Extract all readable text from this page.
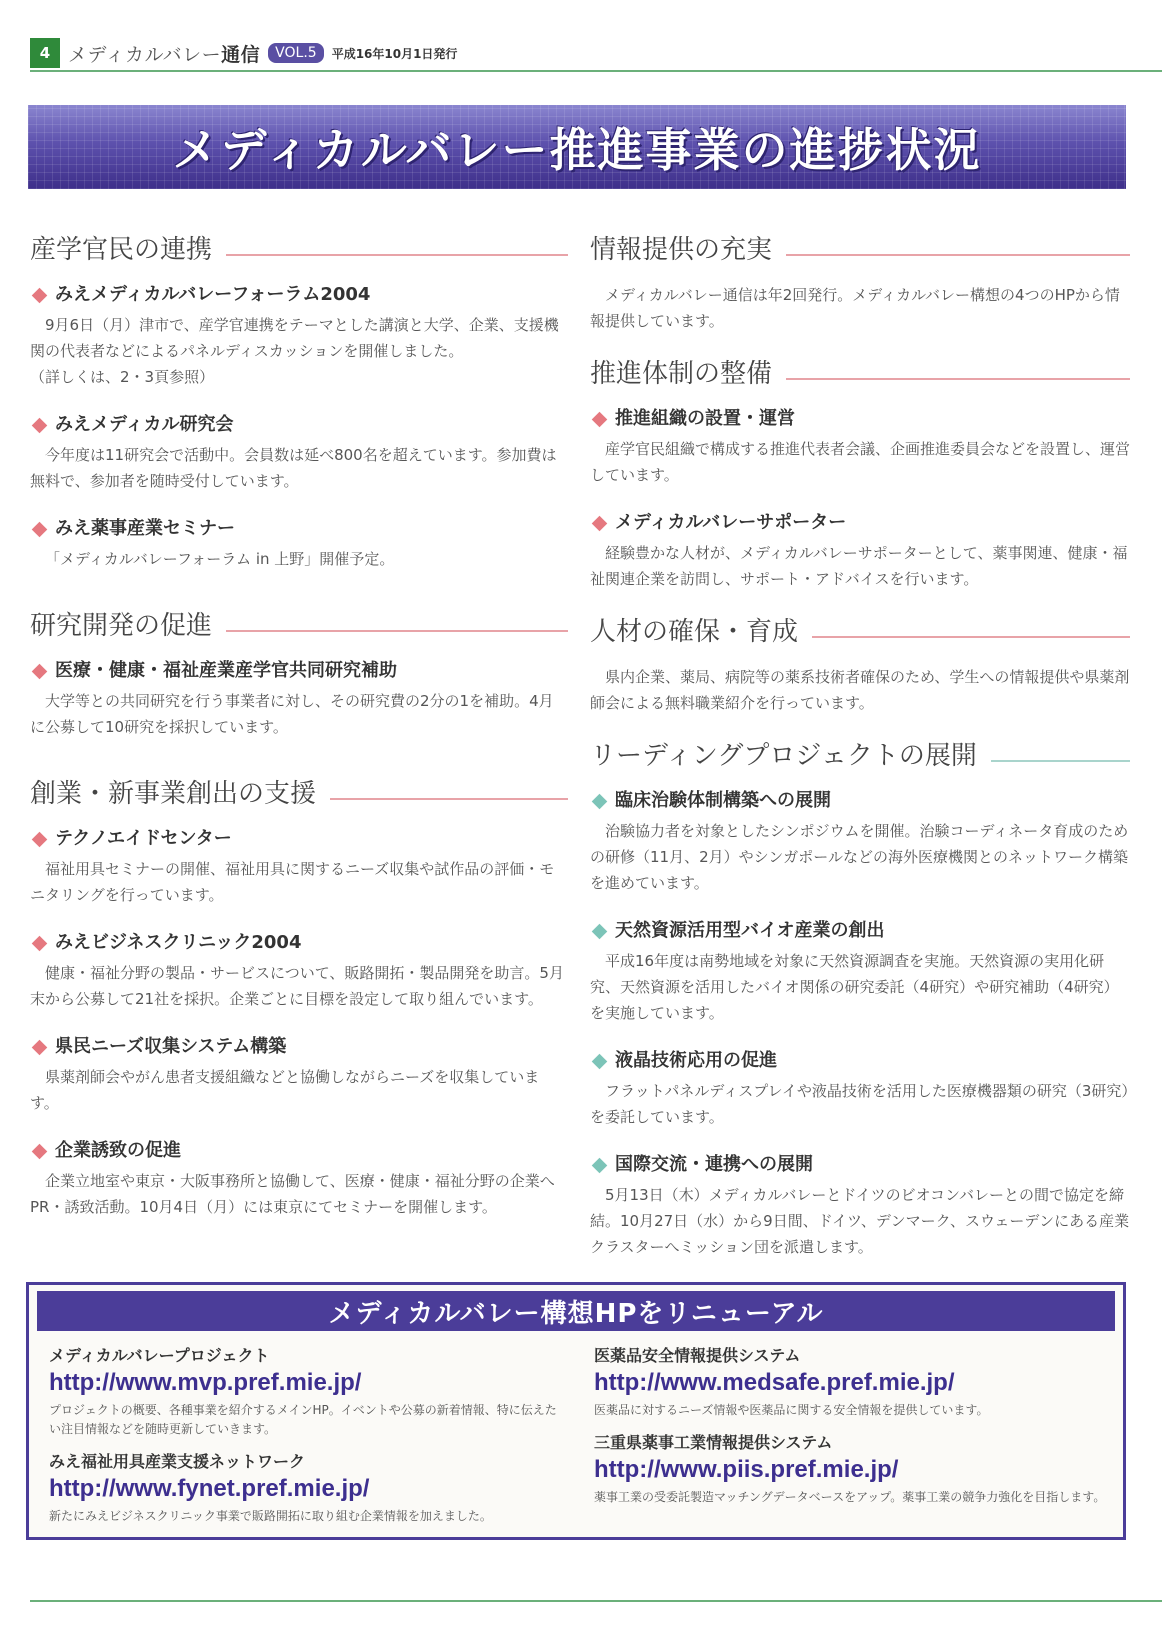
4 メディカルバレー通信	VOL.5	平成16年10月1日発行
メディカルバレー推進事業の進捗状況
産学官民の連携

みえメディカルバレーフォーラム2004

9月6日（月）津市で、産学官連携をテーマとした講演と大学、企業、支援機関の代表者などによるパネルディスカッションを開催しました。

（詳しくは、2・3頁参照）

みえメディカル研究会

今年度は11研究会で活動中。会員数は延べ800名を超えています。参加費は無料で、参加者を随時受付しています。

みえ薬事産業セミナー

「メディカルバレーフォーラム in 上野」開催予定。

研究開発の促進

医療・健康・福祉産業産学官共同研究補助

大学等との共同研究を行う事業者に対し、その研究費の2分の1を補助。4月に公募して10研究を採択しています。

創業・新事業創出の支援

テクノエイドセンター

福祉用具セミナーの開催、福祉用具に関するニーズ収集や試作品の評価・モニタリングを行っています。

みえビジネスクリニック2004

健康・福祉分野の製品・サービスについて、販路開拓・製品開発を助言。5月末から公募して21社を採択。企業ごとに目標を設定して取り組んでいます。

県民ニーズ収集システム構築

県薬剤師会やがん患者支援組織などと協働しながらニーズを収集しています。

企業誘致の促進

企業立地室や東京・大阪事務所と協働して、医療・健康・福祉分野の企業へPR・誘致活動。10月4日（月）には東京にてセミナーを開催します。

情報提供の充実

メディカルバレー通信は年2回発行。メディカルバレー構想の4つのHPから情報提供しています。

推進体制の整備

推進組織の設置・運営

産学官民組織で構成する推進代表者会議、企画推進委員会などを設置し、運営しています。

メディカルバレーサポーター

経験豊かな人材が、メディカルバレーサポーターとして、薬事関連、健康・福祉関連企業を訪問し、サポート・アドバイスを行います。

人材の確保・育成

県内企業、薬局、病院等の薬系技術者確保のため、学生への情報提供や県薬剤師会による無料職業紹介を行っています。

リーディングプロジェクトの展開

臨床治験体制構築への展開

治験協力者を対象としたシンポジウムを開催。治験コーディネータ育成のための研修（11月、2月）やシンガポールなどの海外医療機関とのネットワーク構築を進めています。

天然資源活用型バイオ産業の創出

平成16年度は南勢地域を対象に天然資源調査を実施。天然資源の実用化研究、天然資源を活用したバイオ関係の研究委託（4研究）や研究補助（4研究）を実施しています。

液晶技術応用の促進

フラットパネルディスプレイや液晶技術を活用した医療機器類の研究（3研究）を委託しています。

国際交流・連携への展開

5月13日（木）メディカルバレーとドイツのビオコンバレーとの間で協定を締結。10月27日（水）から9日間、ドイツ、デンマーク、スウェーデンにある産業クラスターへミッション団を派遣します。

メディカルバレー構想HPをリニューアル

メディカルバレープロジェクト

http://www.mvp.pref.mie.jp/

プロジェクトの概要、各種事業を紹介するメインHP。イベントや公募の新着情報、特に伝えたい注目情報などを随時更新していきます。

みえ福祉用具産業支援ネットワーク

http://www.fynet.pref.mie.jp/

新たにみえビジネスクリニック事業で販路開拓に取り組む企業情報を加えました。

医薬品安全情報提供システム

http://www.medsafe.pref.mie.jp/

医薬品に対するニーズ情報や医薬品に関する安全情報を提供しています。

三重県薬事工業情報提供システム

http://www.piis.pref.mie.jp/

薬事工業の受委託製造マッチングデータベースをアップ。薬事工業の競争力強化を目指します。
